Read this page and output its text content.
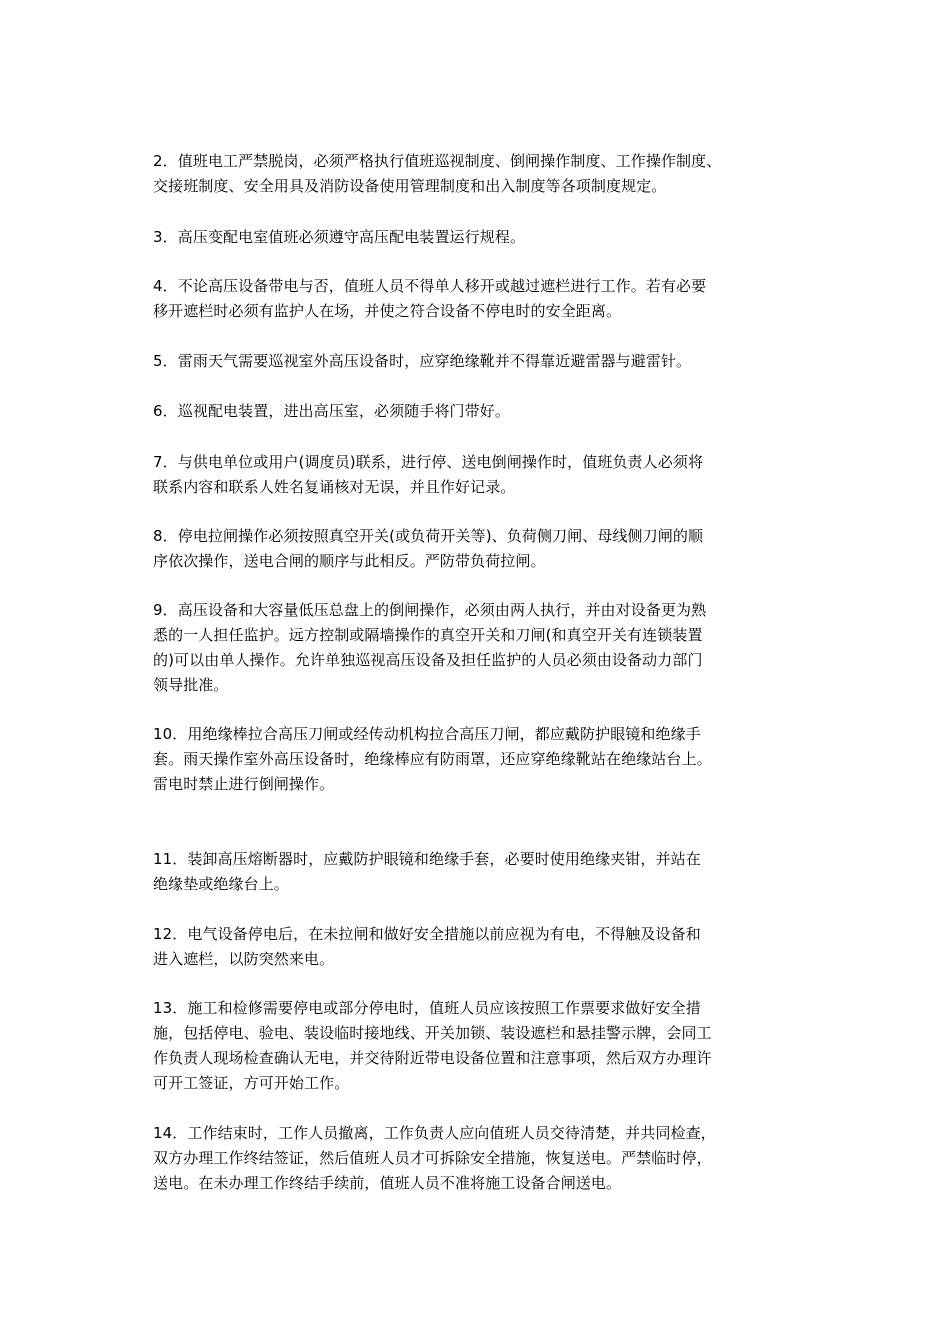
2．值班电工严禁脱岗，必须严格执行值班巡视制度、倒闸操作制度、工作操作制度、
交接班制度、安全用具及消防设备使用管理制度和出入制度等各项制度规定。

3．高压变配电室值班必须遵守高压配电装置运行规程。

4．不论高压设备带电与否，值班人员不得单人移开或越过遮栏进行工作。若有必要
移开遮栏时必须有监护人在场，并使之符合设备不停电时的安全距离。

5．雷雨天气需要巡视室外高压设备时，应穿绝缘靴并不得靠近避雷器与避雷针。

6．巡视配电装置，进出高压室，必须随手将门带好。

7．与供电单位或用户(调度员)联系，进行停、送电倒闸操作时，值班负责人必须将
联系内容和联系人姓名复诵核对无误，并且作好记录。

8．停电拉闸操作必须按照真空开关(或负荷开关等)、负荷侧刀闸、母线侧刀闸的顺
序依次操作，送电合闸的顺序与此相反。严防带负荷拉闸。

9．高压设备和大容量低压总盘上的倒闸操作，必须由两人执行，并由对设备更为熟
悉的一人担任监护。远方控制或隔墙操作的真空开关和刀闸(和真空开关有连锁装置
的)可以由单人操作。允许单独巡视高压设备及担任监护的人员必须由设备动力部门
领导批准。

10．用绝缘棒拉合高压刀闸或经传动机构拉合高压刀闸，都应戴防护眼镜和绝缘手
套。雨天操作室外高压设备时，绝缘棒应有防雨罩，还应穿绝缘靴站在绝缘站台上。
雷电时禁止进行倒闸操作。

11．装卸高压熔断器时，应戴防护眼镜和绝缘手套，必要时使用绝缘夹钳，并站在
绝缘垫或绝缘台上。

12．电气设备停电后，在未拉闸和做好安全措施以前应视为有电，不得触及设备和
进入遮栏，以防突然来电。

13．施工和检修需要停电或部分停电时，值班人员应该按照工作票要求做好安全措
施，包括停电、验电、装设临时接地线、开关加锁、装设遮栏和悬挂警示牌，会同工
作负责人现场检查确认无电，并交待附近带电设备位置和注意事项，然后双方办理许
可开工签证，方可开始工作。

14．工作结束时，工作人员撤离，工作负责人应向值班人员交待清楚，并共同检查，
双方办理工作终结签证，然后值班人员才可拆除安全措施，恢复送电。严禁临时停，
送电。在未办理工作终结手续前，值班人员不准将施工设备合闸送电。
